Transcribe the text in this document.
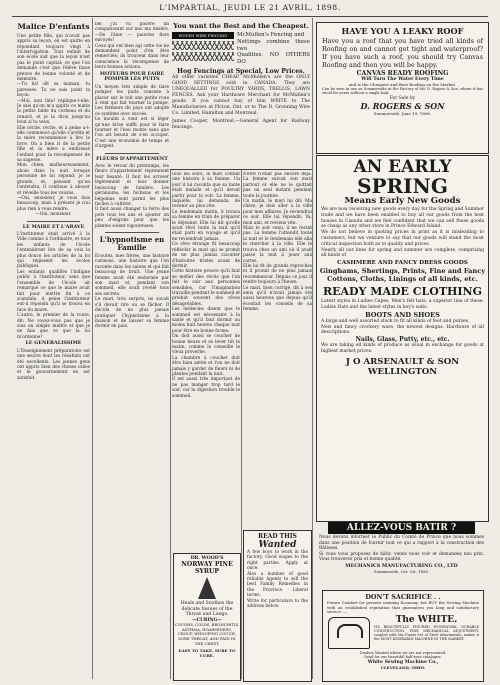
L'IMPARTIAL, JEUDI LE 21 AVRIL, 1898.
Malice D'enfants
Une petite fille, qui n'avait pas appris sa leçon, en est quitte en répondant toujours vingt à l'interrogation. Tout enfant de son école sait que la leçon n'est pas le point capital: ce que l'on demande c'est que l'élève fasse preuve de bonne volonté et de mémoire.
—Tu lis! dit sa maman, tu paresses. Tu ne sais point ta leçon.
—Moi, non tâte! réplique-t-elle. Je sais qu'on m'a appris ce matin la petite fable du corbeau et du renard, et je la dirai jusqu'au bout si tu veux.
Elle récite, récite, et à peine a-t-elle commencé qu'elle s'arrête et la mère recommence à lire le livre. On a bien ri de la petite fille et la mère a embrassé l'enfant pour la récompenser de sa sagesse.
Mon chien, malheureusement, aboie dans la nuit lorsque personne ne lui répond; je le gronde, et, pensant qu'on l'entendra, il continue à aboyer et réveille tous les voisins.
—Oui, monsieur, je vous dois beaucoup, mais à présent je n'ai plus rien à vous rendre.
—Oui, monsieur.
LE MAIRE ET L'ARAVE
L'instituteur était arrivé à la Ville comme à l'ordinaire, et tous les enfants de l'école l'entendirent lire de sa voix la plus douce les articles de la loi qui régissent les écoles publiques.
Les enfants qualifiés l'indigne public à l'instituteur, sans que l'ensemble de l'école ait remarqué ce que le maire avait fait pour mettre fin à ce scandale. A peine l'instituteur eut-il répondu qu'il se trouva en face du maire.
L'autre, le premier de la route, dit: Ne voyez-vous pas que je suis un simple maître et que je ne fais que ce que la loi m'ordonne?
LE GENERALISSIME
L'Enseignement préparatoire est une œuvre dont les résultats ont été excellents. Les jeunes gens ont appris bien des choses utiles et le gouvernement en est satisfait.
bel j'ai vu pauvre un compatissant sur moi ma misère. —De l'âme — pauvres fiers envoyés!
Ceux qui ont bien agi cette vie ne demandent point d'en être remerciés; ils trouvent dans leur conscience la récompense de leurs bonnes actions.
MOTEURS POUR FAIRE POMPER LES PUITS
Un moyen très simple de faire pomper les puits consiste à placer sur le toit une petite roue à vent qui fait tourner la pompe. Les fermiers du pays ont adopté ce système avec succès.
Le moulin à vent est si léger qu'une brise suffit pour le faire tourner et l'eau monte sans que l'on ait besoin de s'en occuper. C'est une économie de temps et d'argent.
FLEURS D'APPARTEMENT
Avec le retour du printemps, les fleurs d'appartement reprennent leur beauté. Il faut les arroser légèrement et leur donner beaucoup de lumière. Les géraniums, les fuchsias et les bégonias sont parmi les plus faciles à cultiver.
Il faut aussi changer la terre des pots tous les ans et ajouter un peu d'engrais pour que les plantes soient vigoureuses.
L'hypnotisme en Famille
Écoutez, mes frères, une histoire curieuse, une histoire que l'on raconte dans les salons et qui fait beaucoup de bruit. Une jeune femme avait été endormie par son mari et, pendant son sommeil, elle avait révélé tous ses secrets.
Le mari, très surpris, ne savait s'il devait rire ou se fâcher. Il décida de ne plus jamais pratiquer l'hypnotisme à la maison et de laisser sa femme dormir en paix.
You want the Best and the Cheapest.
WOVEN WIRE FENCING	McMullen's Fencing and
Nettings combine these two
Qualities. NO OTHERS DO
Hog Fencings at Special, Low Prices.
All other varieties CHEAP. McMullen's are the ONLY GOOD SETTINGS sold in CANADA. They are UNEQUALLED for POULTRY YARDS, TRELLIS, LAWN FENCES. Ask your Hardware Merchant for McMullen's goods. If you cannot buy of him WRITE to The Manufacturers at Picton, Ont. or to The D. Gronning Wire Co. Limited, Hamilton and Montreal.
James Cooper, Montreal,—General Agent for Railway fencings.
tous les soirs, le mari contait une histoire à sa femme. Un jour il lui raconta que sa tante était malade et qu'il devait partir pour la voir. La femme, inquiète, lui demanda de revenir au plus vite.
Le lendemain matin, il trouva sa femme en train de préparer le déjeuner. Elle lui dit qu'elle avait rêvé toute la nuit qu'il était parti en voyage et qu'il ne reviendrait jamais.
Ce rêve étrange fit beaucoup réfléchir le mari qui se promit de ne plus jamais raconter d'histoires tristes avant de dormir.
Cette histoire prouve qu'il faut se méfier des récits que l'on fait le soir aux personnes sensibles, car l'imagination travaille pendant le sommeil et produit souvent des rêves désagréables.
Les médecins disent que le sommeil est nécessaire à la santé et qu'il faut dormir au moins huit heures chaque nuit pour être en bonne forme.
On doit aussi se coucher de bonne heure et se lever tôt le matin, comme le conseille le vieux proverbe.
La chambre à coucher doit être bien aérée et l'on ne doit jamais y garder de fleurs ni de plantes pendant la nuit.
Il est aussi très important de ne pas manger trop tard le soir, car la digestion trouble le sommeil.
DR. WOOD'S
NORWAY PINE SYRUP
Heals and Soothes the delicate tissues of the Throat and Lungs.
—CURING—
COUGHS, COLDS, BRONCHITIS, ASTHMA, HOARSENESS, CROUP, WHOOPING COUGH, SORE THROAT, AND PAIN IN THE CHEST.
EASY TO TAKE. SURE TO CURE.
d'être n'était pas encore déjà. La femme suivait son mari partout et elle ne le quittait pas un seul instant pendant toute la journée.
Un matin, le mari lui dit: Ma chère, je dois aller à la ville pour mes affaires. Je reviendrai ce soir. Elle lui répondit: Va, mon ami, et reviens vite.
Mais le soir venu, il ne revint pas. La femme l'attendit toute la nuit et le lendemain elle alla le chercher à la ville. Elle le trouva chez un ami où il avait passé la nuit à jouer aux cartes.
Elle lui fit de grands reproches et il promit de ne plus jamais recommencer. Depuis ce jour il rentre toujours à l'heure.
Le mari, bien corrigé, dit à ses amis qu'il n'avait jamais été aussi heureux que depuis qu'il écoutait les conseils de sa femme.
READ THIS
Wanted
A few boys to work in the factory. Good wages to the right parties. Apply at once.
Also a number of good reliable Agents to sell the best Family Remedies in the Province. Liberal terms.
Write for particulars to the address below.
HAVE YOU A LEAKY ROOF
Have you a roof that you have tried all kinds of Roofing on and cannot get tight and waterproof? If you have such a roof, you should try Canvas Roofing and then you will be happy.
CANVAS READY ROOFING
Will Turn The Water Every Time
and is the Cheapest and Best Roofing on the Market.
Can be seen in use on Sommerside at the Factory of Mr. D. Rogers & Son, where it has stood for years without a single leak.
For Sale by
D. ROGERS & SON
Summerside, June 19, 1896.
AN EARLY
SPRING
Means Early New Goods
We are now receiving new goods every day for the Spring and Summer trade and we have been enabled to buy all our goods from the best houses in Canada and we feel confident that we can sell these goods as cheap as any other store in Prince Edward Island.
We do not believe in quoting prices in print as it is misleading to customers, but we venture to say that our goods will stand the most critical inspection both as to quality and prices.
Nearly all our lines for spring and summer are complete, comprising all kinds of
CASHMERE AND FANCY DRESS GOODS
Ginghams, Shertings, Prints, Fine and Fancy Cottons, Cloths, Linings of all kinds, etc.
READY MADE CLOTHING
Latest styles in Ladies Capes, Men's felt hats, a superior line of these. Ladies Hats and the latest styles in boy's suits.
BOOTS AND SHOES
A large and well assorted stock to fit all kinds of feet and purses.
New and fancy crockery ware, the newest designs. Hardware of all descriptions.
Nails, Glass, Putty, etc., etc.
We are taking all kinds of produce as usual in exchange for goods at highest market prices.
J O ARSENAULT & SON
WELLINGTON
ALLEZ-VOUS BATIR ?
Nous devons informer le Public du Comté de Prince que nous sommes dans une position de fournir tout ce qui a rapport à la construction des Bâtisses.
Si vous vous proposez de bâtir, venez nous voir et demandez nos prix. Vous trouverez prix et bonne qualité.
MECHANICS MANUFACTURING CO., LTD
Summerside, Oct. 1st, 1896.
DON'T SACRIFICE . .
Future Comfort for present seeming Economy, but BUY the Sewing Machine with an established reputation that guarantees you long and satisfactory service: —
The WHITE.
ITS BEAUTIFULLY FIGURED WOODWORK, DURABLE CONSTRUCTION, FINE MECHANICAL ADJUSTMENT, coupled with the Finest Set of Steel Attachments, makes it the MOST DESIRABLE MACHINE IN THE MARKET.
Dealers Wanted where we are not represented.
Send for our beautiful half-tone catalogue.
White Sewing Machine Co.,
CLEVELAND, OHIO.
